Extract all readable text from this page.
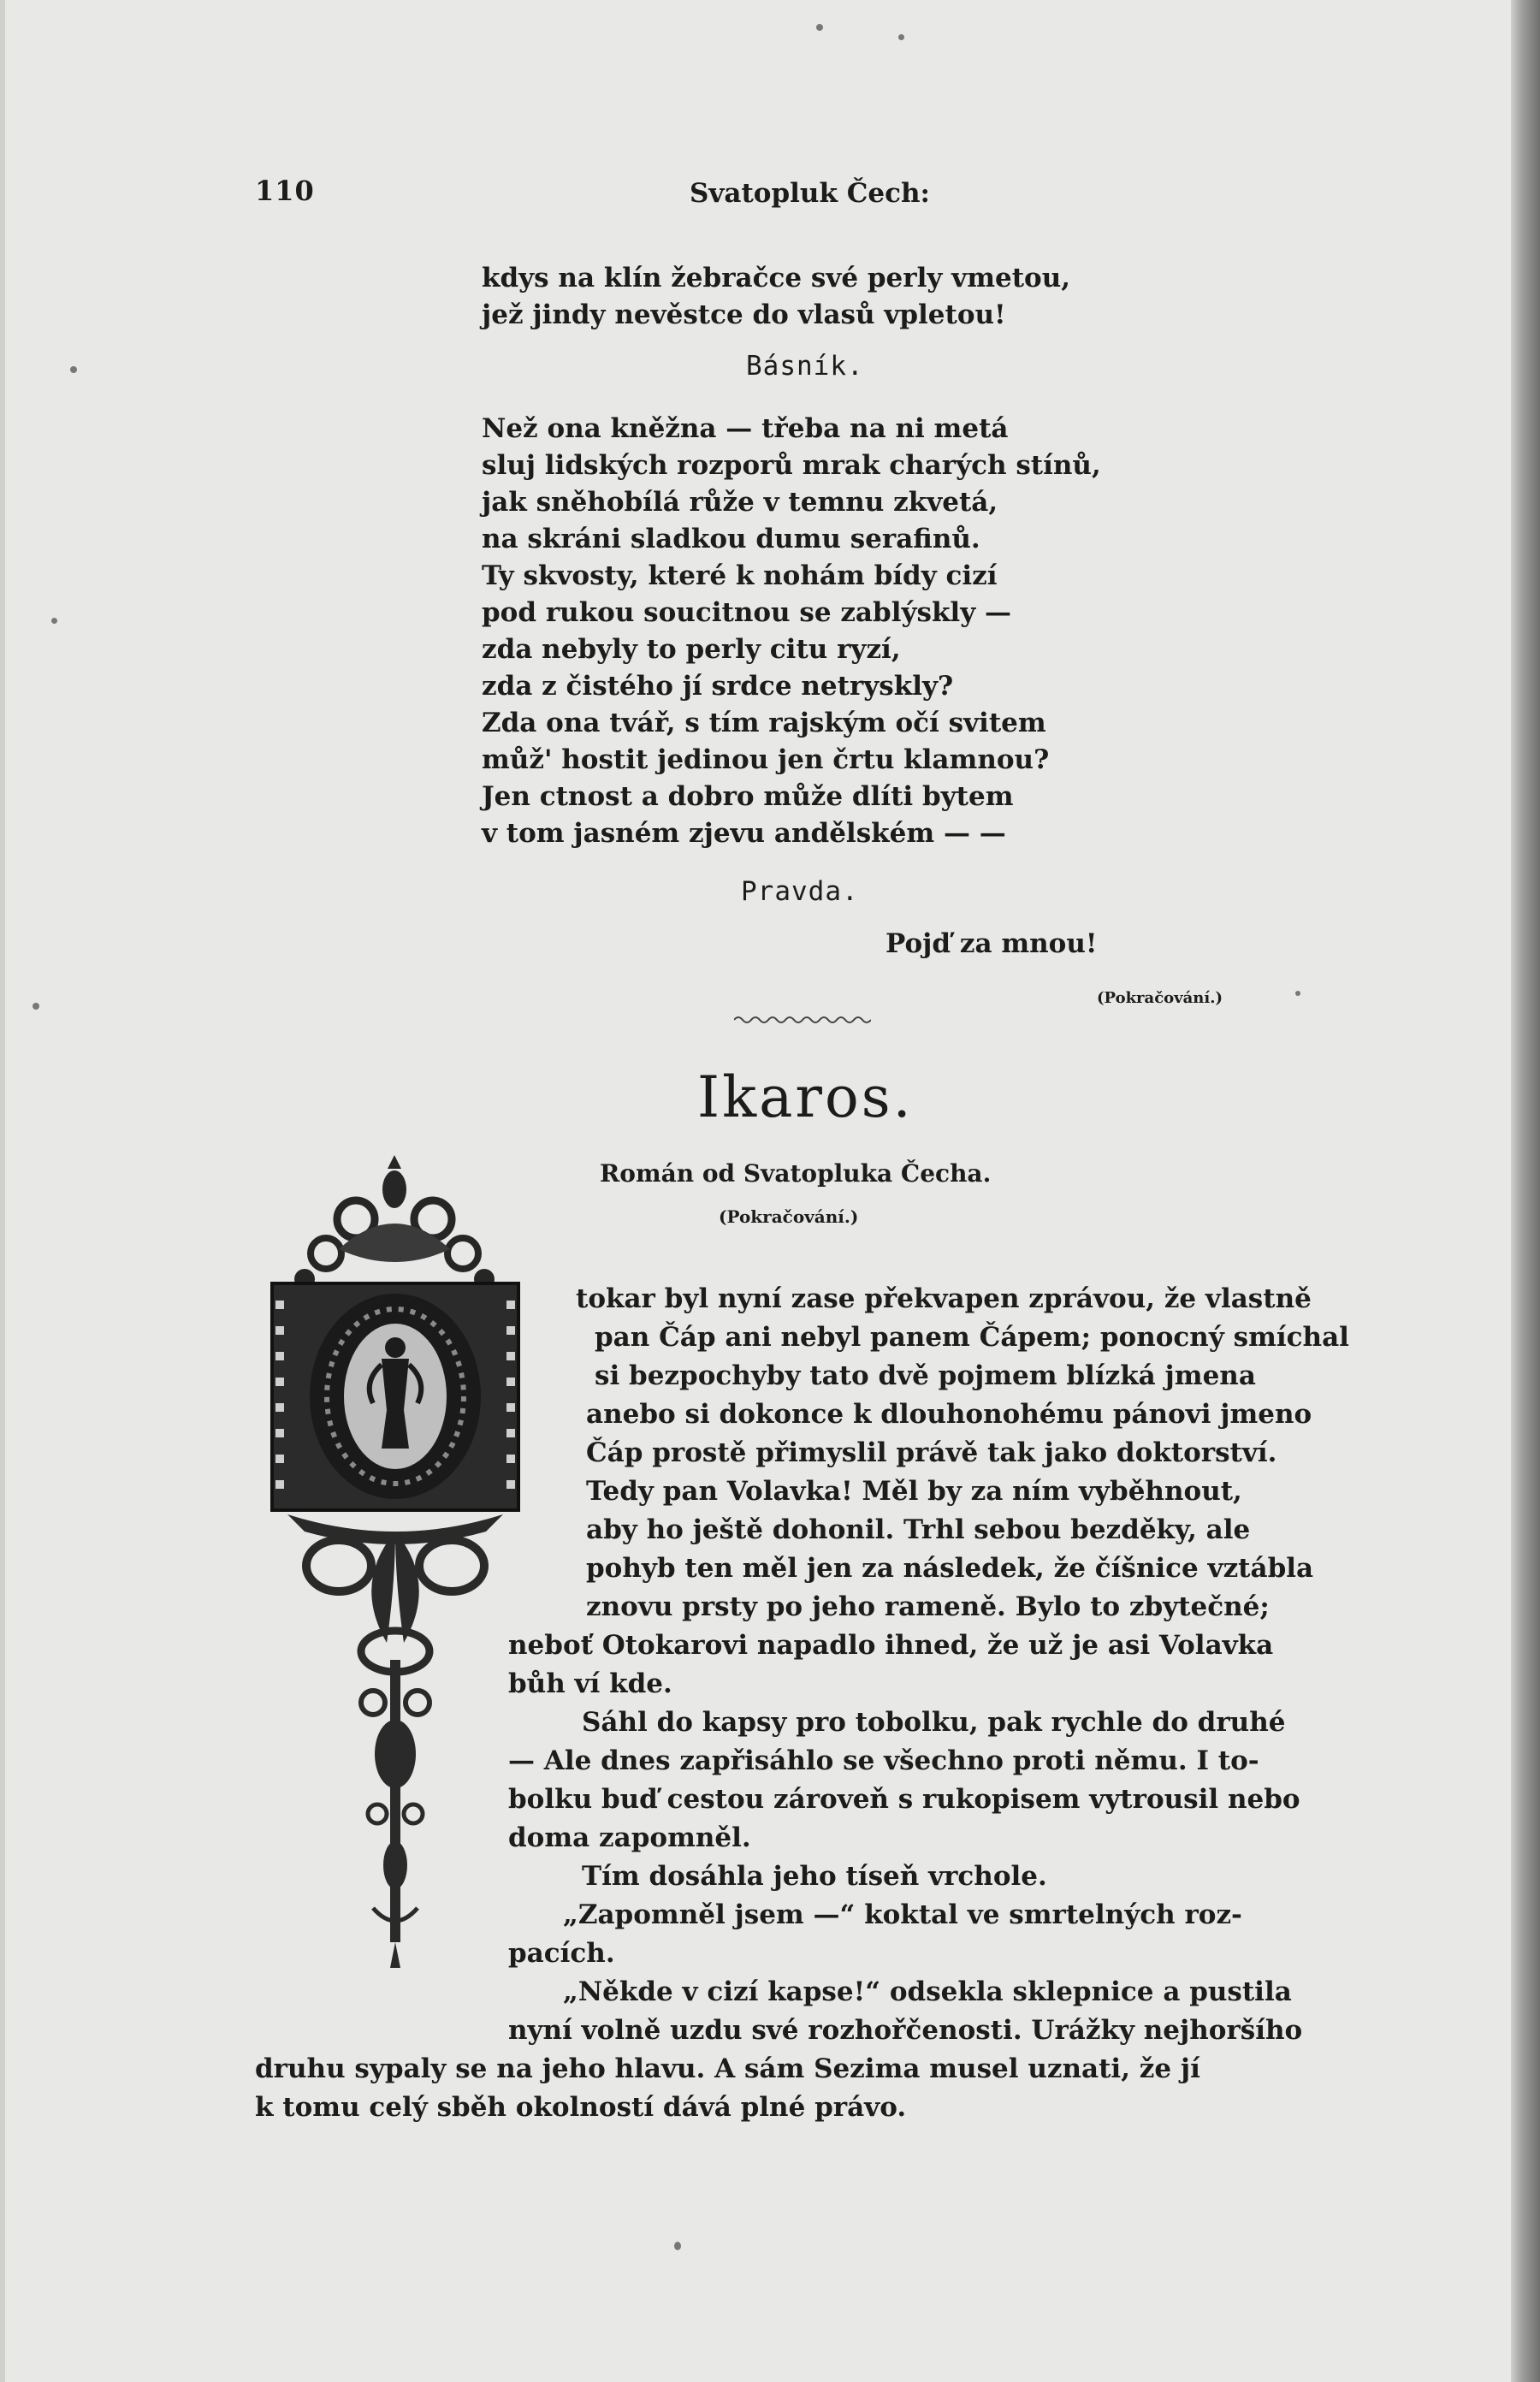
110	Svatopluk Čech:
kdys na klín žebračce své perly vmetou,
jež jindy nevěstce do vlasů vpletou!
Básník.
Než ona kněžna — třeba na ni metá
sluj lidských rozporů mrak charých stínů,
jak sněhobílá růže v temnu zkvetá,
na skráni sladkou dumu serafinů.
Ty skvosty, které k nohám bídy cizí
pod rukou soucitnou se zablýskly —
zda nebyly to perly citu ryzí,
zda z čistého jí srdce netryskly?
Zda ona tvář, s tím rajským očí svitem
můž' hostit jedinou jen črtu klamnou?
Jen ctnost a dobro může dlíti bytem
v tom jasném zjevu andělském — —
Pravda.
Pojď za mnou!
(Pokračování.)
Ikaros.
Román od Svatopluka Čecha.
(Pokračování.)
tokar byl nyní zase překvapen zprávou, že vlastně
pan Čáp ani nebyl panem Čápem; ponocný smíchal
si bezpochyby tato dvě pojmem blízká jmena
anebo si dokonce k dlouhonohému pánovi jmeno
Čáp prostě přimyslil právě tak jako doktorství.
Tedy pan Volavka! Měl by za ním vyběhnout,
aby ho ještě dohonil. Trhl sebou bezděky, ale
pohyb ten měl jen za následek, že číšnice vztábla
znovu prsty po jeho rameně. Bylo to zbytečné;
neboť Otokarovi napadlo ihned, že už je asi Volavka
bůh ví kde.
Sáhl do kapsy pro tobolku, pak rychle do druhé
— Ale dnes zapřisáhlo se všechno proti němu. I to-
bolku buď cestou zároveň s rukopisem vytrousil nebo
doma zapomněl.
Tím dosáhla jeho tíseň vrchole.
„Zapomněl jsem —“ koktal ve smrtelných roz-
pacích.
„Někde v cizí kapse!“ odsekla sklepnice a pustila
nyní volně uzdu své rozhořčenosti. Urážky nejhoršího
druhu sypaly se na jeho hlavu. A sám Sezima musel uznati, že jí
k tomu celý sběh okolností dává plné právo.
